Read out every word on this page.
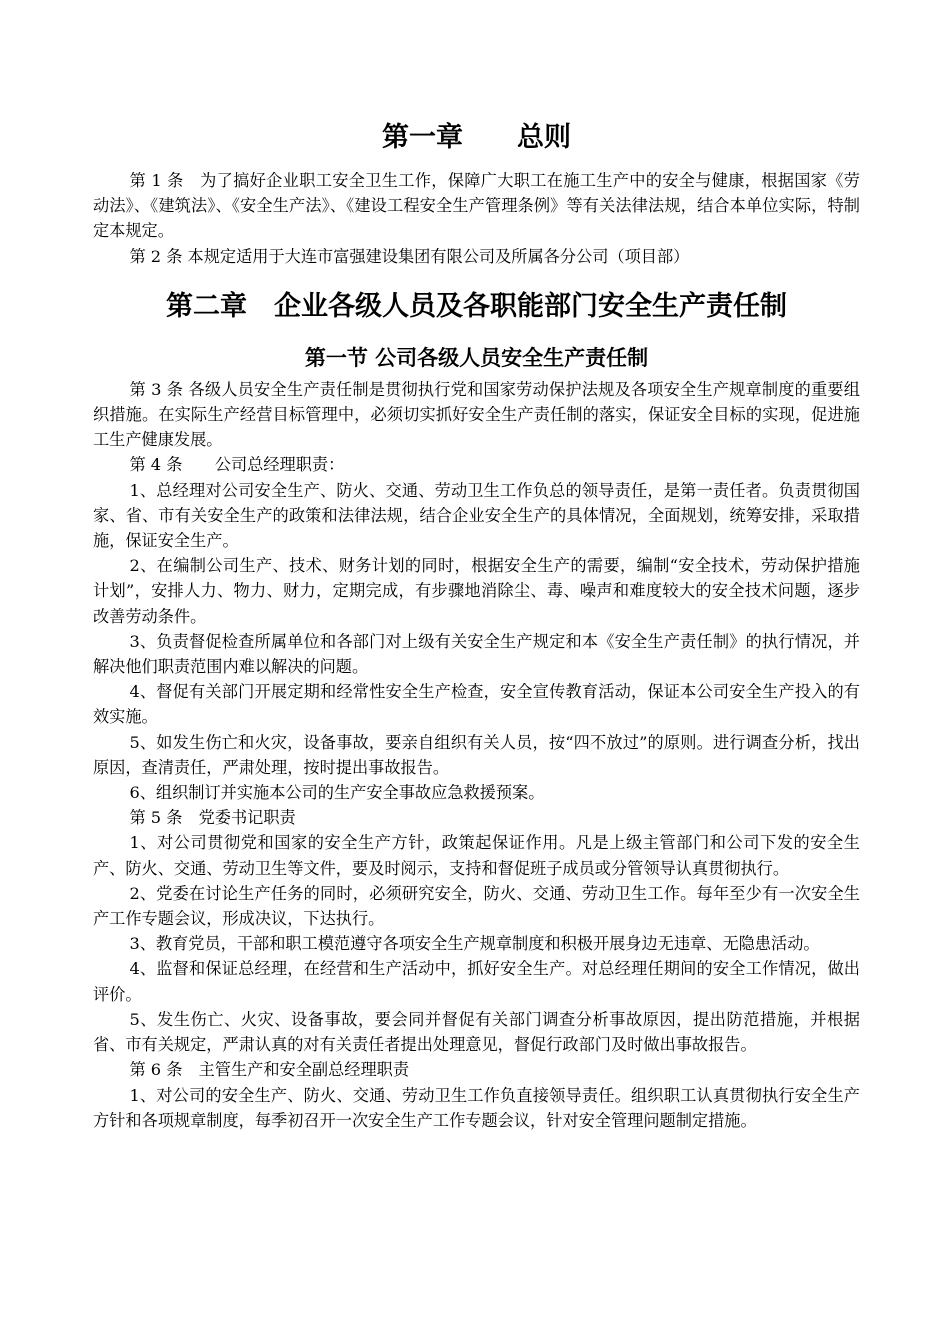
第一章　　总则

第 1 条　为了搞好企业职工安全卫生工作，保障广大职工在施工生产中的安全与健康，根据国家《劳动法》、《建筑法》、《安全生产法》、《建设工程安全生产管理条例》等有关法律法规，结合本单位实际，特制定本规定。

第 2 条 本规定适用于大连市富强建设集团有限公司及所属各分公司（项目部）

第二章　企业各级人员及各职能部门安全生产责任制
第一节 公司各级人员安全生产责任制

第 3 条 各级人员安全生产责任制是贯彻执行党和国家劳动保护法规及各项安全生产规章制度的重要组织措施。在实际生产经营目标管理中，必须切实抓好安全生产责任制的落实，保证安全目标的实现，促进施工生产健康发展。

第 4 条　　公司总经理职责：

1、总经理对公司安全生产、防火、交通、劳动卫生工作负总的领导责任，是第一责任者。负责贯彻国家、省、市有关安全生产的政策和法律法规，结合企业安全生产的具体情况，全面规划，统筹安排，采取措施，保证安全生产。

2、在编制公司生产、技术、财务计划的同时，根据安全生产的需要，编制“安全技术，劳动保护措施计划”，安排人力、物力、财力，定期完成，有步骤地消除尘、毒、噪声和难度较大的安全技术问题，逐步改善劳动条件。

3、负责督促检查所属单位和各部门对上级有关安全生产规定和本《安全生产责任制》的执行情况，并解决他们职责范围内难以解决的问题。

4、督促有关部门开展定期和经常性安全生产检查，安全宣传教育活动，保证本公司安全生产投入的有效实施。

5、如发生伤亡和火灾，设备事故，要亲自组织有关人员，按“四不放过”的原则。进行调查分析，找出原因，查清责任，严肃处理，按时提出事故报告。

6、组织制订并实施本公司的生产安全事故应急救援预案。

第 5 条　党委书记职责

1、对公司贯彻党和国家的安全生产方针，政策起保证作用。凡是上级主管部门和公司下发的安全生产、防火、交通、劳动卫生等文件，要及时阅示，支持和督促班子成员或分管领导认真贯彻执行。

2、党委在讨论生产任务的同时，必须研究安全，防火、交通、劳动卫生工作。每年至少有一次安全生产工作专题会议，形成决议，下达执行。

3、教育党员，干部和职工模范遵守各项安全生产规章制度和积极开展身边无违章、无隐患活动。

4、监督和保证总经理，在经营和生产活动中，抓好安全生产。对总经理任期间的安全工作情况，做出评价。

5、发生伤亡、火灾、设备事故，要会同并督促有关部门调查分析事故原因，提出防范措施，并根据省、市有关规定，严肃认真的对有关责任者提出处理意见，督促行政部门及时做出事故报告。

第 6 条　主管生产和安全副总经理职责

1、对公司的安全生产、防火、交通、劳动卫生工作负直接领导责任。组织职工认真贯彻执行安全生产方针和各项规章制度，每季初召开一次安全生产工作专题会议，针对安全管理问题制定措施。
